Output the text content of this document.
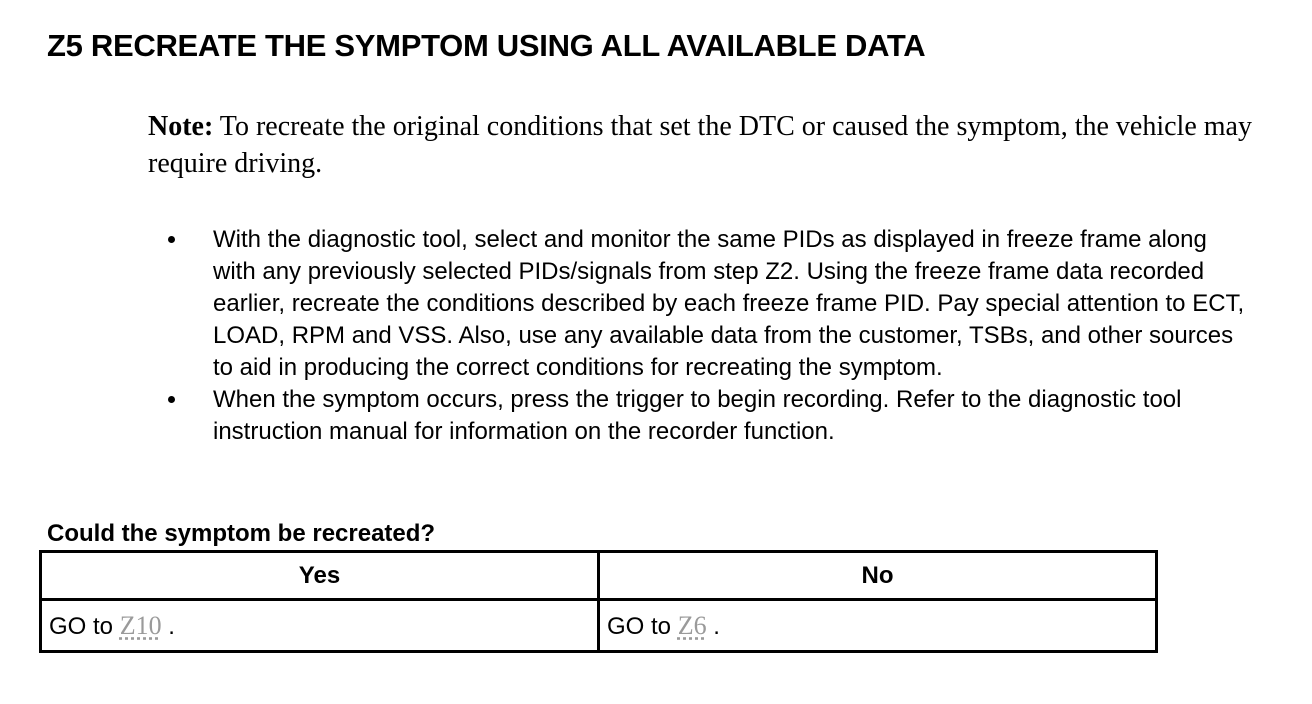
Z5 RECREATE THE SYMPTOM USING ALL AVAILABLE DATA
Note: To recreate the original conditions that set the DTC or caused the symptom, the vehicle may require driving.
With the diagnostic tool, select and monitor the same PIDs as displayed in freeze frame along with any previously selected PIDs/signals from step Z2. Using the freeze frame data recorded earlier, recreate the conditions described by each freeze frame PID. Pay special attention to ECT, LOAD, RPM and VSS. Also, use any available data from the customer, TSBs, and other sources to aid in producing the correct conditions for recreating the symptom.
When the symptom occurs, press the trigger to begin recording. Refer to the diagnostic tool instruction manual for information on the recorder function.
Could the symptom be recreated?
Yes	No
GO to Z10 .	GO to Z6 .
